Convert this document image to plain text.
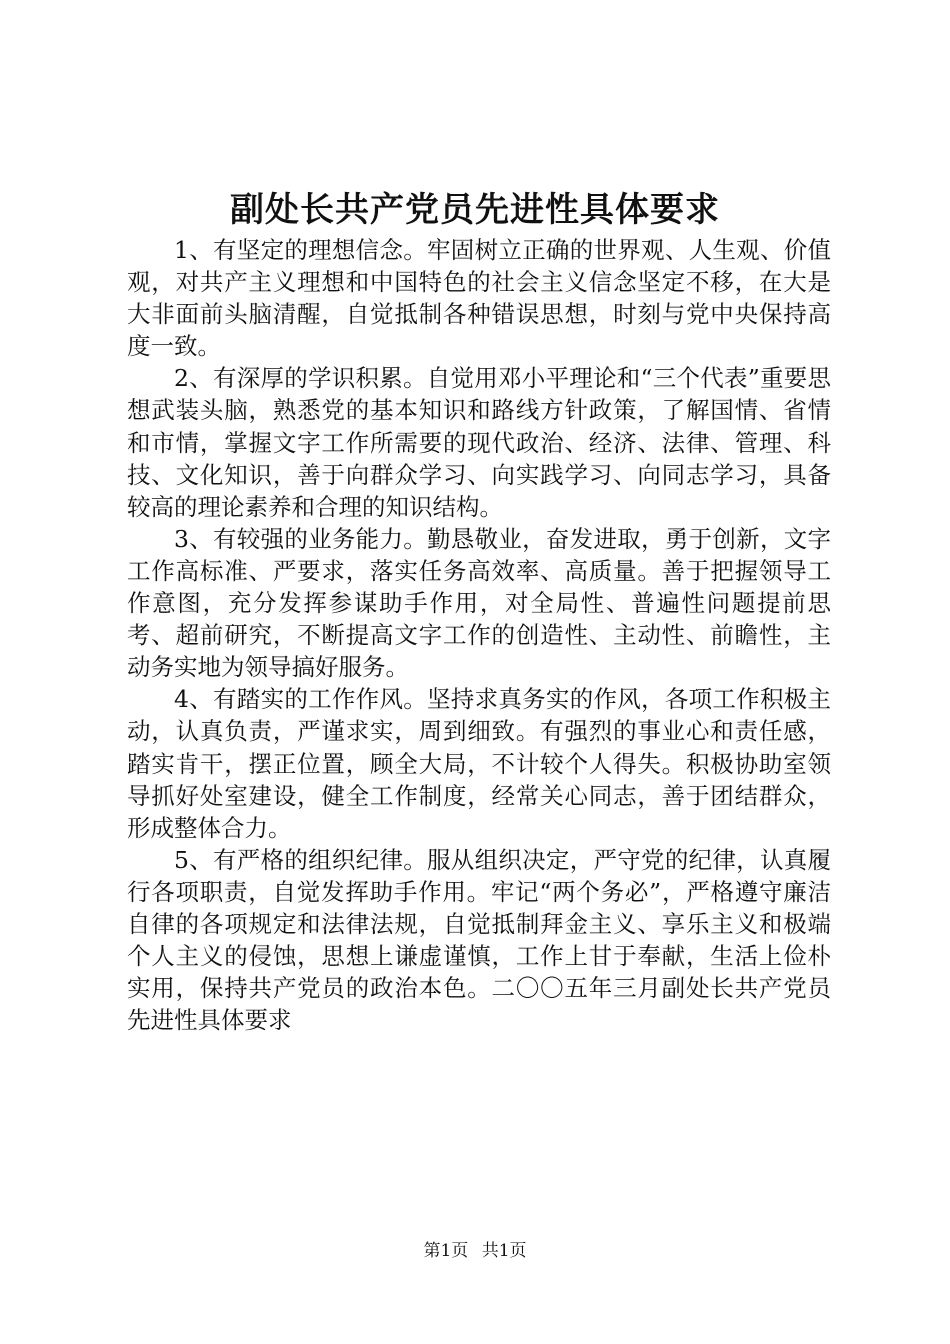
副处长共产党员先进性具体要求

1、有坚定的理想信念。牢固树立正确的世界观、人生观、价值观，对共产主义理想和中国特色的社会主义信念坚定不移，在大是大非面前头脑清醒，自觉抵制各种错误思想，时刻与党中央保持高度一致。

2、有深厚的学识积累。自觉用邓小平理论和“三个代表”重要思想武装头脑，熟悉党的基本知识和路线方针政策，了解国情、省情和市情，掌握文字工作所需要的现代政治、经济、法律、管理、科技、文化知识，善于向群众学习、向实践学习、向同志学习，具备较高的理论素养和合理的知识结构。

3、有较强的业务能力。勤恳敬业，奋发进取，勇于创新，文字工作高标准、严要求，落实任务高效率、高质量。善于把握领导工作意图，充分发挥参谋助手作用，对全局性、普遍性问题提前思考、超前研究，不断提高文字工作的创造性、主动性、前瞻性，主动务实地为领导搞好服务。

4、有踏实的工作作风。坚持求真务实的作风，各项工作积极主动，认真负责，严谨求实，周到细致。有强烈的事业心和责任感，踏实肯干，摆正位置，顾全大局，不计较个人得失。积极协助室领导抓好处室建设，健全工作制度，经常关心同志，善于团结群众，形成整体合力。

5、有严格的组织纪律。服从组织决定，严守党的纪律，认真履行各项职责，自觉发挥助手作用。牢记“两个务必”，严格遵守廉洁自律的各项规定和法律法规，自觉抵制拜金主义、享乐主义和极端个人主义的侵蚀，思想上谦虚谨慎，工作上甘于奉献，生活上俭朴实用，保持共产党员的政治本色。二〇〇五年三月副处长共产党员先进性具体要求

第1页 共1页
